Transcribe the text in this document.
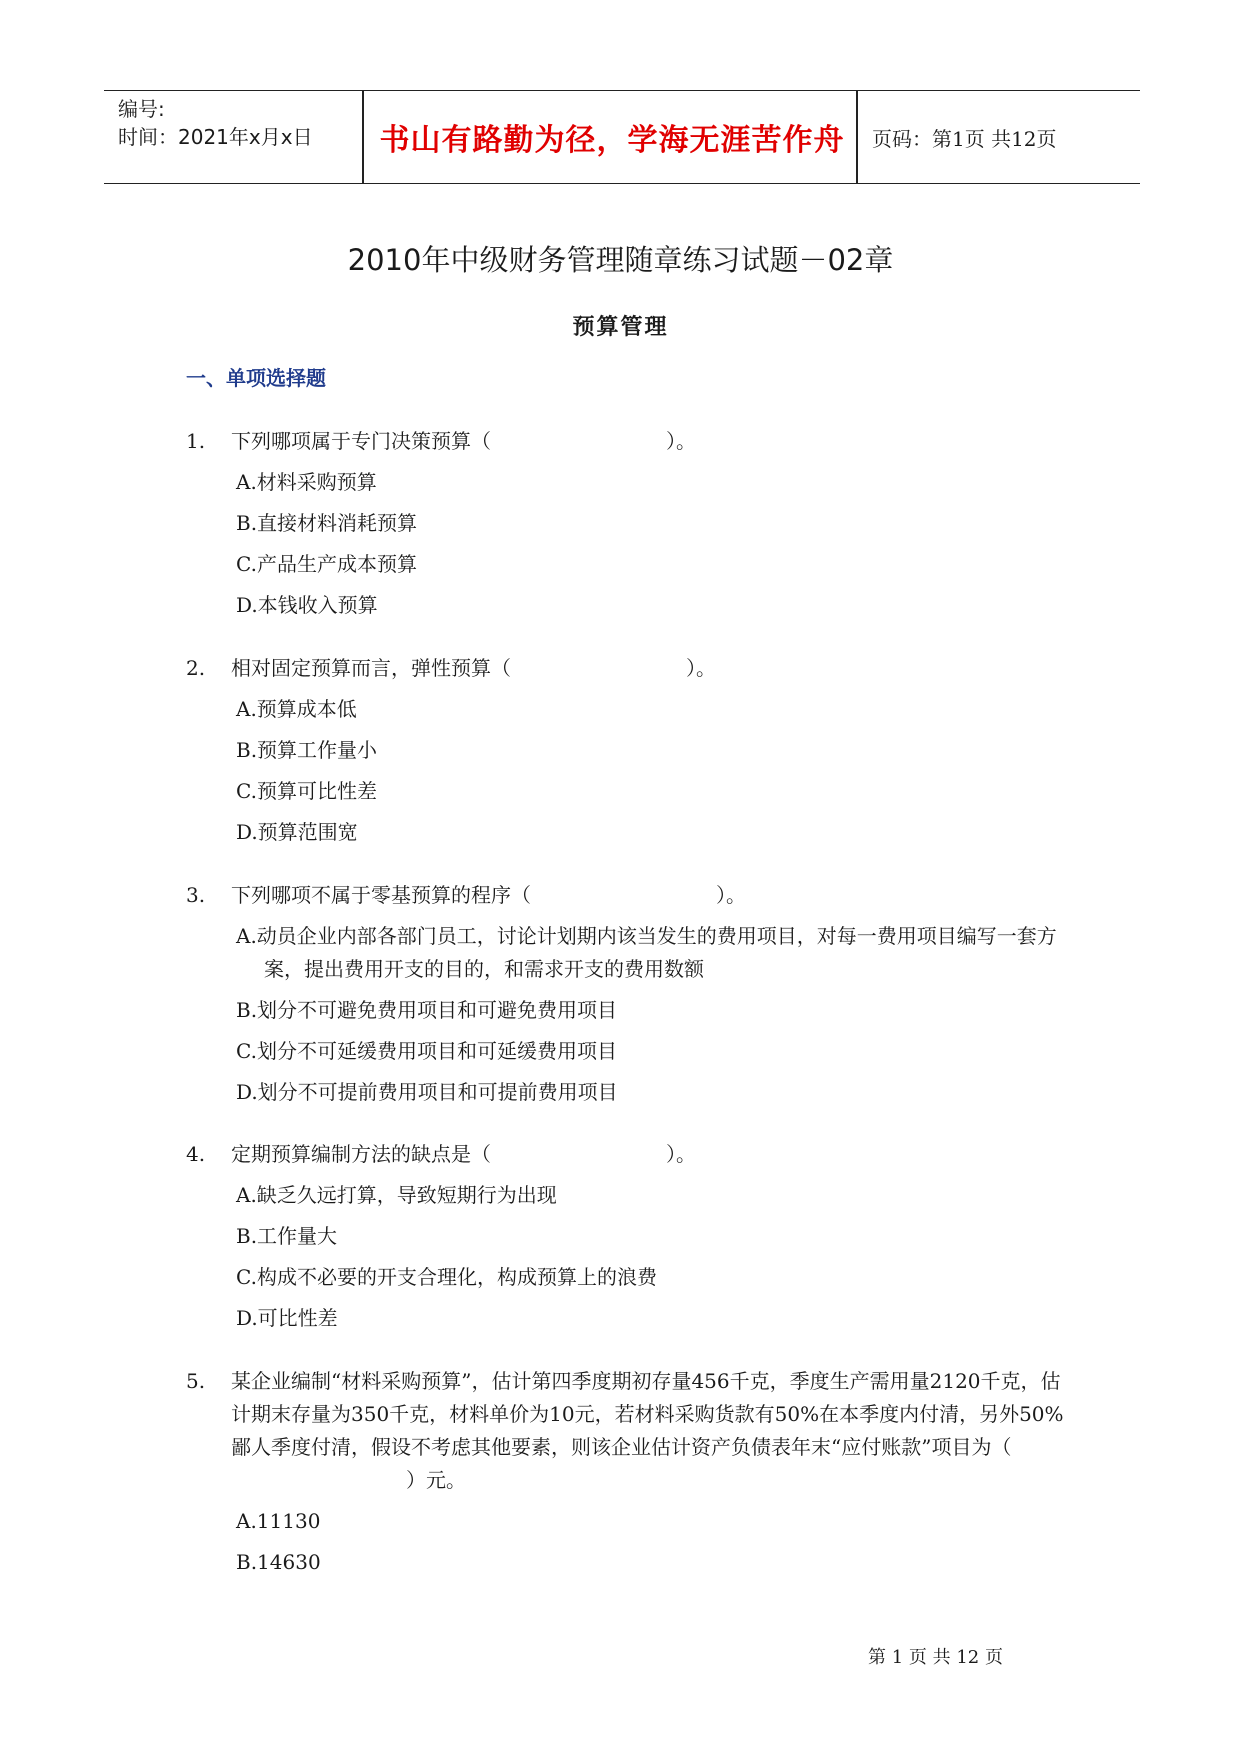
编号:
时间：2021年x月x日	书山有路勤为径，学海无涯苦作舟	页码：第1页 共12页
2010年中级财务管理随章练习试题－02章
预算管理
一、单项选择题
1. 下列哪项属于专门决策预算（	）。
A.材料采购预算
B.直接材料消耗预算
C.产品生产成本预算
D.本钱收入预算
2. 相对固定预算而言，弹性预算（	）。
A.预算成本低
B.预算工作量小
C.预算可比性差
D.预算范围宽
3. 下列哪项不属于零基预算的程序（	）。
A.动员企业内部各部门员工，讨论计划期内该当发生的费用项目，对每一费用项目编写一套方案，提出费用开支的目的，和需求开支的费用数额
B.划分不可避免费用项目和可避免费用项目
C.划分不可延缓费用项目和可延缓费用项目
D.划分不可提前费用项目和可提前费用项目
4. 定期预算编制方法的缺点是（	）。
A.缺乏久远打算，导致短期行为出现
B.工作量大
C.构成不必要的开支合理化，构成预算上的浪费
D.可比性差
5. 某企业编制“材料采购预算”，估计第四季度期初存量456千克，季度生产需用量2120千克，估计期末存量为350千克，材料单价为10元，若材料采购货款有50%在本季度内付清，另外50%鄙人季度付清，假设不考虑其他要素，则该企业估计资产负债表年末“应付账款”项目为（）元。
A.11130
B.14630
第 1 页 共 12 页
